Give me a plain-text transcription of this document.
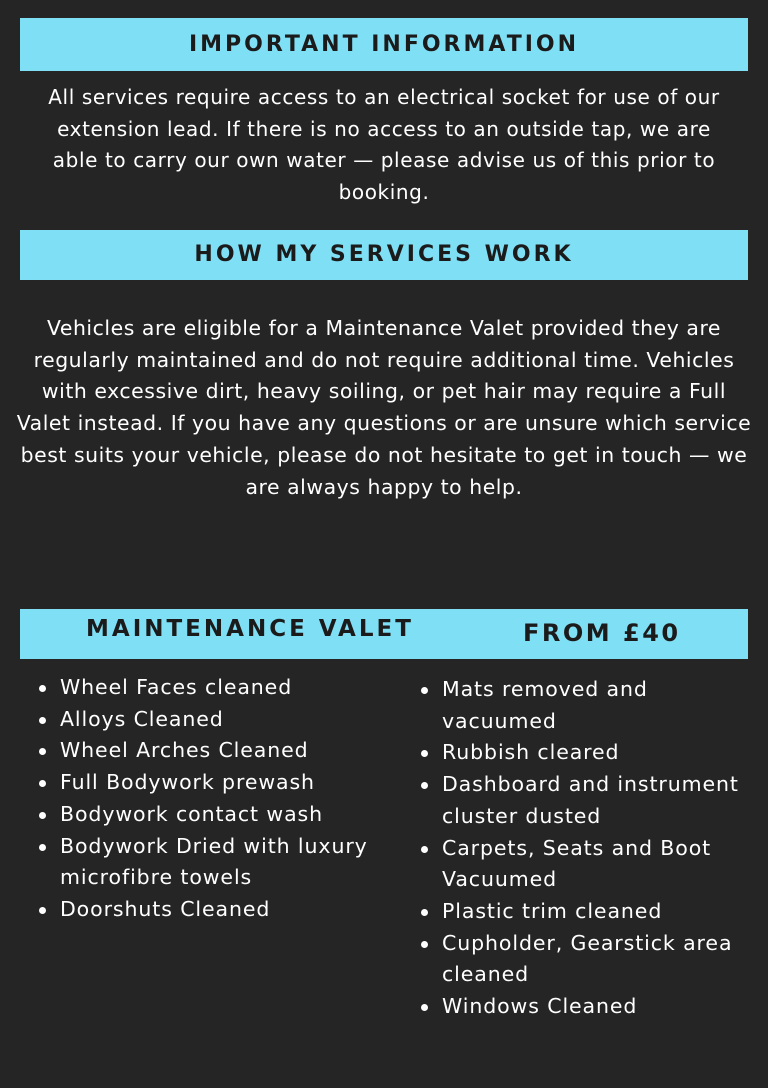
IMPORTANT INFORMATION

All services require access to an electrical socket for use of our extension lead. If there is no access to an outside tap, we are able to carry our own water — please advise us of this prior to booking.

HOW MY SERVICES WORK

Vehicles are eligible for a Maintenance Valet provided they are regularly maintained and do not require additional time. Vehicles with excessive dirt, heavy soiling, or pet hair may require a Full Valet instead. If you have any questions or are unsure which service best suits your vehicle, please do not hesitate to get in touch — we are always happy to help.

MAINTENANCE VALET	FROM £40
Wheel Faces cleaned
Alloys Cleaned
Wheel Arches Cleaned
Full Bodywork prewash
Bodywork contact wash
Bodywork Dried with luxury microfibre towels
Doorshuts Cleaned
Mats removed and vacuumed
Rubbish cleared
Dashboard and instrument cluster dusted
Carpets, Seats and Boot Vacuumed
Plastic trim cleaned
Cupholder, Gearstick area cleaned
Windows Cleaned
